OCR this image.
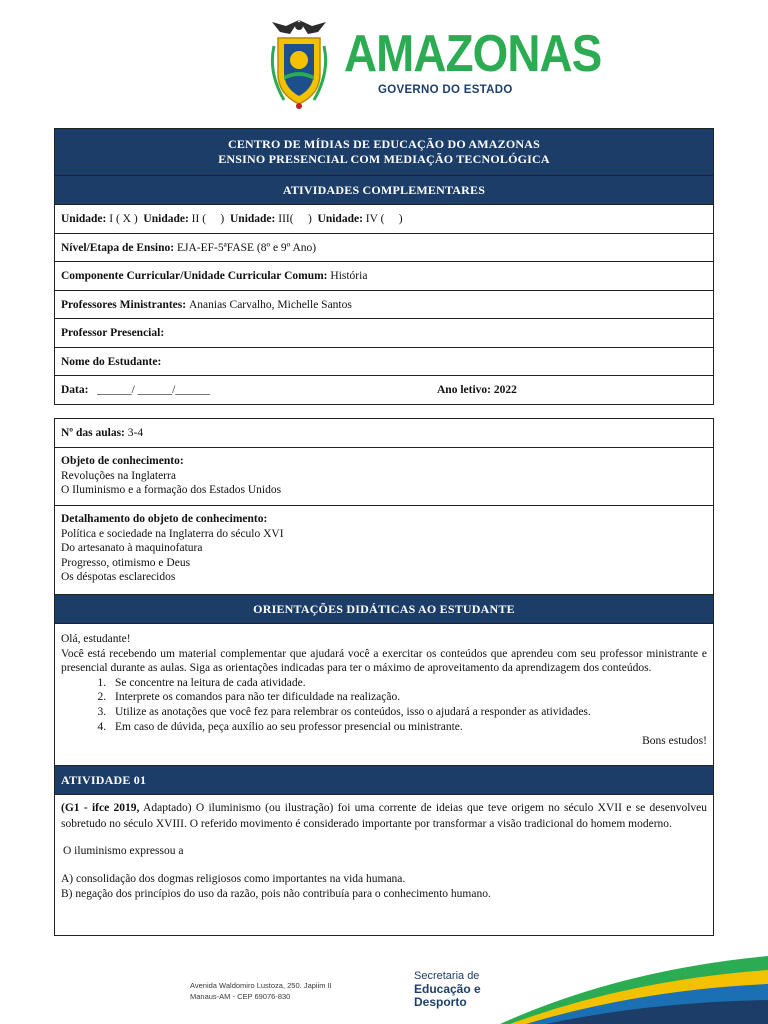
AMAZONAS
GOVERNO DO ESTADO
CENTRO DE MÍDIAS DE EDUCAÇÃO DO AMAZONAS
ENSINO PRESENCIAL COM MEDIAÇÃO TECNOLÓGICA
ATIVIDADES COMPLEMENTARES
Unidade:
I ( X )
Unidade:
II (     )
Unidade:
III(     )
Unidade:
IV (     )
Nível/Etapa de Ensino:
EJA-EF-5ªFASE (8º e 9º Ano)
Componente Curricular/Unidade Curricular Comum:
História
Professores Ministrantes:
Ananias Carvalho, Michelle Santos
Professor Presencial:
Nome do Estudante:
Data:
______/ ______/______	Ano letivo: 2022
Nº das aulas:
3-4
Objeto de conhecimento:
Revoluções na Inglaterra
O Iluminismo e a formação dos Estados Unidos
Detalhamento do objeto de conhecimento:
Política e sociedade na Inglaterra do século XVI
Do artesanato à maquinofatura
Progresso, otimismo e Deus
Os déspotas esclarecidos
ORIENTAÇÕES DIDÁTICAS AO ESTUDANTE
Olá, estudante!
Você está recebendo um material complementar que ajudará você a exercitar os conteúdos que aprendeu com seu professor ministrante e presencial durante as aulas. Siga as orientações indicadas para ter o máximo de aproveitamento da aprendizagem dos conteúdos.
1. Se concentre na leitura de cada atividade.
2. Interprete os comandos para não ter dificuldade na realização.
3. Utilize as anotações que você fez para relembrar os conteúdos, isso o ajudará a responder as atividades.
4. Em caso de dúvida, peça auxílio ao seu professor presencial ou ministrante.
Bons estudos!
ATIVIDADE 01
(G1 - ifce 2019, Adaptado) O iluminismo (ou ilustração) foi uma corrente de ideias que teve origem no século XVII e se desenvolveu sobretudo no século XVIII. O referido movimento é considerado importante por transformar a visão tradicional do homem moderno.
O iluminismo expressou a
A) consolidação dos dogmas religiosos como importantes na vida humana.
B) negação dos princípios do uso da razão, pois não contribuía para o conhecimento humano.
Avenida Waldomiro Lustoza, 250. Japiim II
Manaus-AM - CEP 69076-830
Secretaria de
Educação e
Desporto
